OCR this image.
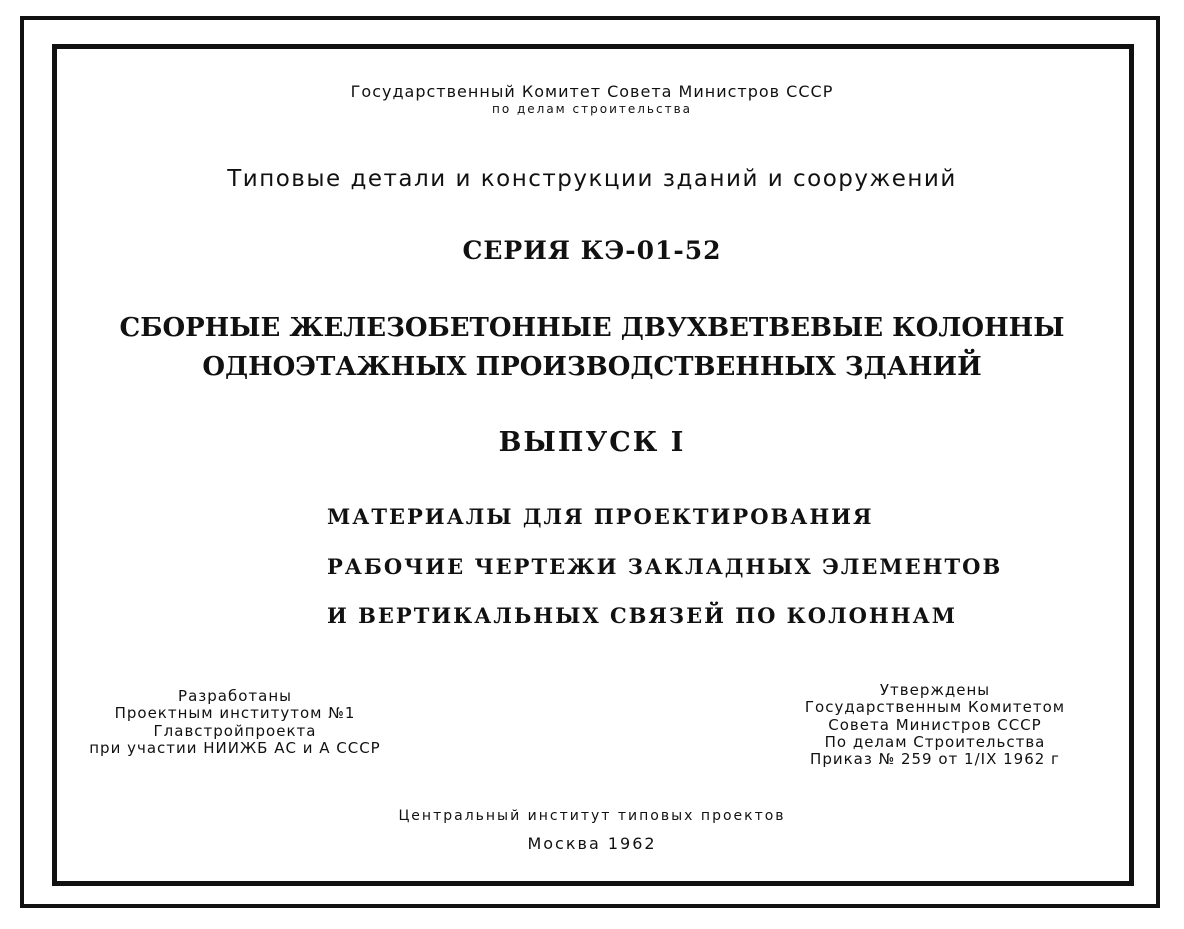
Государственный Комитет Совета Министров СССР
по делам строительства
Типовые детали и конструкции зданий и сооружений
СЕРИЯ КЭ-01-52
СБОРНЫЕ ЖЕЛЕЗОБЕТОННЫЕ ДВУХВЕТВЕВЫЕ КОЛОННЫ
ОДНОЭТАЖНЫХ ПРОИЗВОДСТВЕННЫХ ЗДАНИЙ
ВЫПУСК I
МАТЕРИАЛЫ ДЛЯ ПРОЕКТИРОВАНИЯ
РАБОЧИЕ ЧЕРТЕЖИ ЗАКЛАДНЫХ ЭЛЕМЕНТОВ
И ВЕРТИКАЛЬНЫХ СВЯЗЕЙ ПО КОЛОННАМ
Разработаны
Проектным институтом №1
Главстройпроекта
при участии НИИЖБ АС и А СССР
Утверждены
Государственным Комитетом
Совета Министров СССР
По делам Строительства
Приказ № 259 от 1/IX 1962 г
Центральный институт типовых проектов
Москва 1962
